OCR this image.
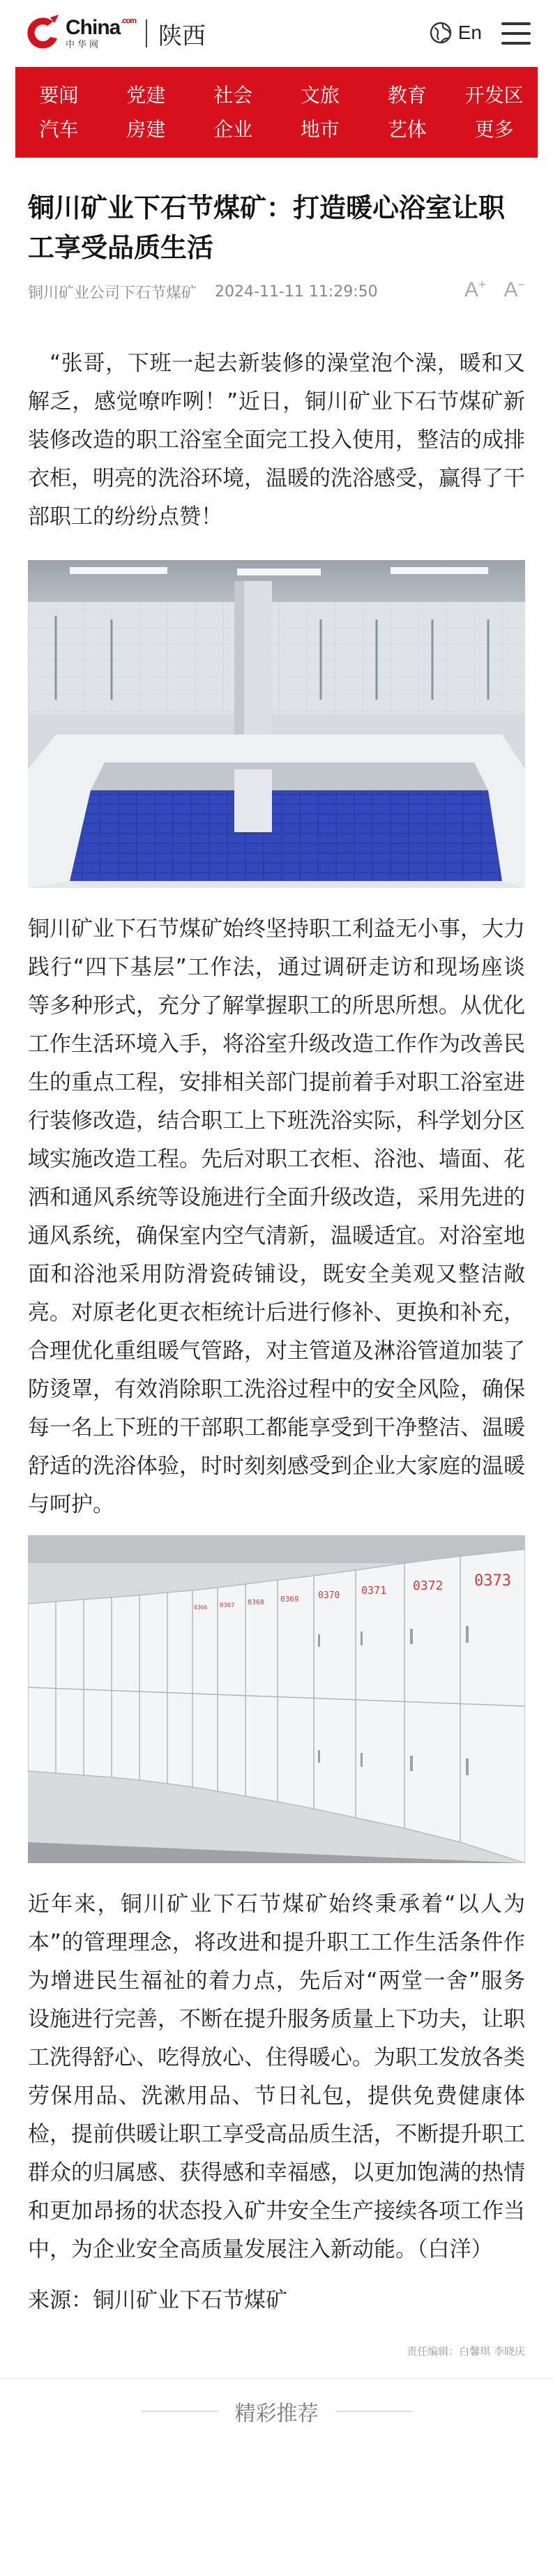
China$^{.com}$
中华网	陕西	En
要闻	党建	社会	文旅	教育	开发区
汽车	房建	企业	地市	艺体	更多
铜川矿业下石节煤矿：打造暖心浴室让职工享受品质生活
铜川矿业公司下石节煤矿 2024-11-11 11:29:50	A+ A−

“张哥，下班一起去新装修的澡堂泡个澡，暖和又解乏，感觉嘹咋咧！”近日，铜川矿业下石节煤矿新装修改造的职工浴室全面完工投入使用，整洁的成排衣柜，明亮的洗浴环境，温暖的洗浴感受，赢得了干部职工的纷纷点赞！

铜川矿业下石节煤矿始终坚持职工利益无小事，大力践行“四下基层”工作法，通过调研走访和现场座谈等多种形式，充分了解掌握职工的所思所想。从优化工作生活环境入手，将浴室升级改造工作作为改善民生的重点工程，安排相关部门提前着手对职工浴室进行装修改造，结合职工上下班洗浴实际，科学划分区域实施改造工程。先后对职工衣柜、浴池、墙面、花洒和通风系统等设施进行全面升级改造，采用先进的通风系统，确保室内空气清新，温暖适宜。对浴室地面和浴池采用防滑瓷砖铺设，既安全美观又整洁敞亮。对原老化更衣柜统计后进行修补、更换和补充，合理优化重组暖气管路，对主管道及淋浴管道加装了防烫罩，有效消除职工洗浴过程中的安全风险，确保每一名上下班的干部职工都能享受到干净整洁、温暖舒适的洗浴体验，时时刻刻感受到企业大家庭的温暖与呵护。

0373
0372
0371
0370
0369
0368
0367
0366

近年来，铜川矿业下石节煤矿始终秉承着“以人为本”的管理理念，将改进和提升职工工作生活条件作为增进民生福祉的着力点，先后对“两堂一舍”服务设施进行完善，不断在提升服务质量上下功夫，让职工洗得舒心、吃得放心、住得暖心。为职工发放各类劳保用品、洗漱用品、节日礼包，提供免费健康体检，提前供暖让职工享受高品质生活，不断提升职工群众的归属感、获得感和幸福感，以更加饱满的热情和更加昂扬的状态投入矿井安全生产接续各项工作当中，为企业安全高质量发展注入新动能。（白洋）

来源：铜川矿业下石节煤矿

责任编辑：白馨琪 李晓庆
精彩推荐
